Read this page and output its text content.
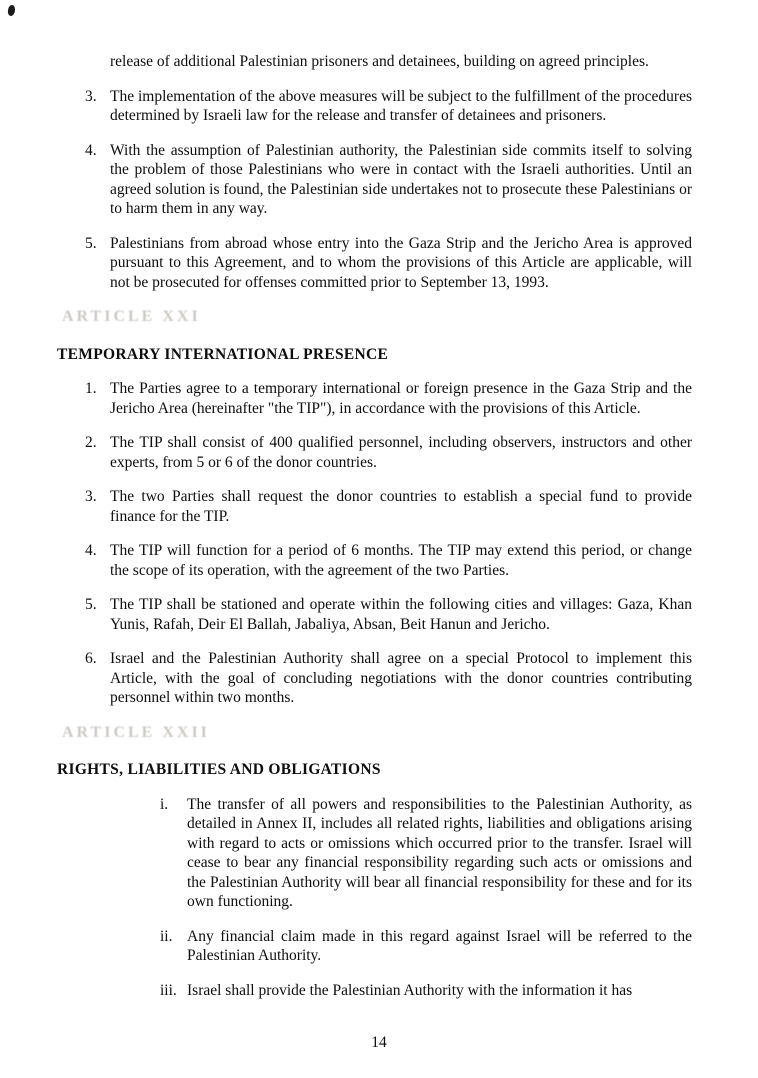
release of additional Palestinian prisoners and detainees, building on agreed principles.

3. The implementation of the above measures will be subject to the fulfillment of the procedures determined by Israeli law for the release and transfer of detainees and prisoners.
4. With the assumption of Palestinian authority, the Palestinian side commits itself to solving the problem of those Palestinians who were in contact with the Israeli authorities. Until an agreed solution is found, the Palestinian side undertakes not to prosecute these Palestinians or to harm them in any way.
5. Palestinians from abroad whose entry into the Gaza Strip and the Jericho Area is approved pursuant to this Agreement, and to whom the provisions of this Article are applicable, will not be prosecuted for offenses committed prior to September 13, 1993.
ARTICLE XXI
TEMPORARY INTERNATIONAL PRESENCE
1. The Parties agree to a temporary international or foreign presence in the Gaza Strip and the Jericho Area (hereinafter "the TIP"), in accordance with the provisions of this Article.
2. The TIP shall consist of 400 qualified personnel, including observers, instructors and other experts, from 5 or 6 of the donor countries.
3. The two Parties shall request the donor countries to establish a special fund to provide finance for the TIP.
4. The TIP will function for a period of 6 months. The TIP may extend this period, or change the scope of its operation, with the agreement of the two Parties.
5. The TIP shall be stationed and operate within the following cities and villages: Gaza, Khan Yunis, Rafah, Deir El Ballah, Jabaliya, Absan, Beit Hanun and Jericho.
6. Israel and the Palestinian Authority shall agree on a special Protocol to implement this Article, with the goal of concluding negotiations with the donor countries contributing personnel within two months.
ARTICLE XXII
RIGHTS, LIABILITIES AND OBLIGATIONS
i.	The transfer of all powers and responsibilities to the Palestinian Authority, as detailed in Annex II, includes all related rights, liabilities and obligations arising with regard to acts or omissions which occurred prior to the transfer. Israel will cease to bear any financial responsibility regarding such acts or omissions and the Palestinian Authority will bear all financial responsibility for these and for its own functioning.
ii. Any financial claim made in this regard against Israel will be referred to the Palestinian Authority.
iii. Israel shall provide the Palestinian Authority with the information it has
14
